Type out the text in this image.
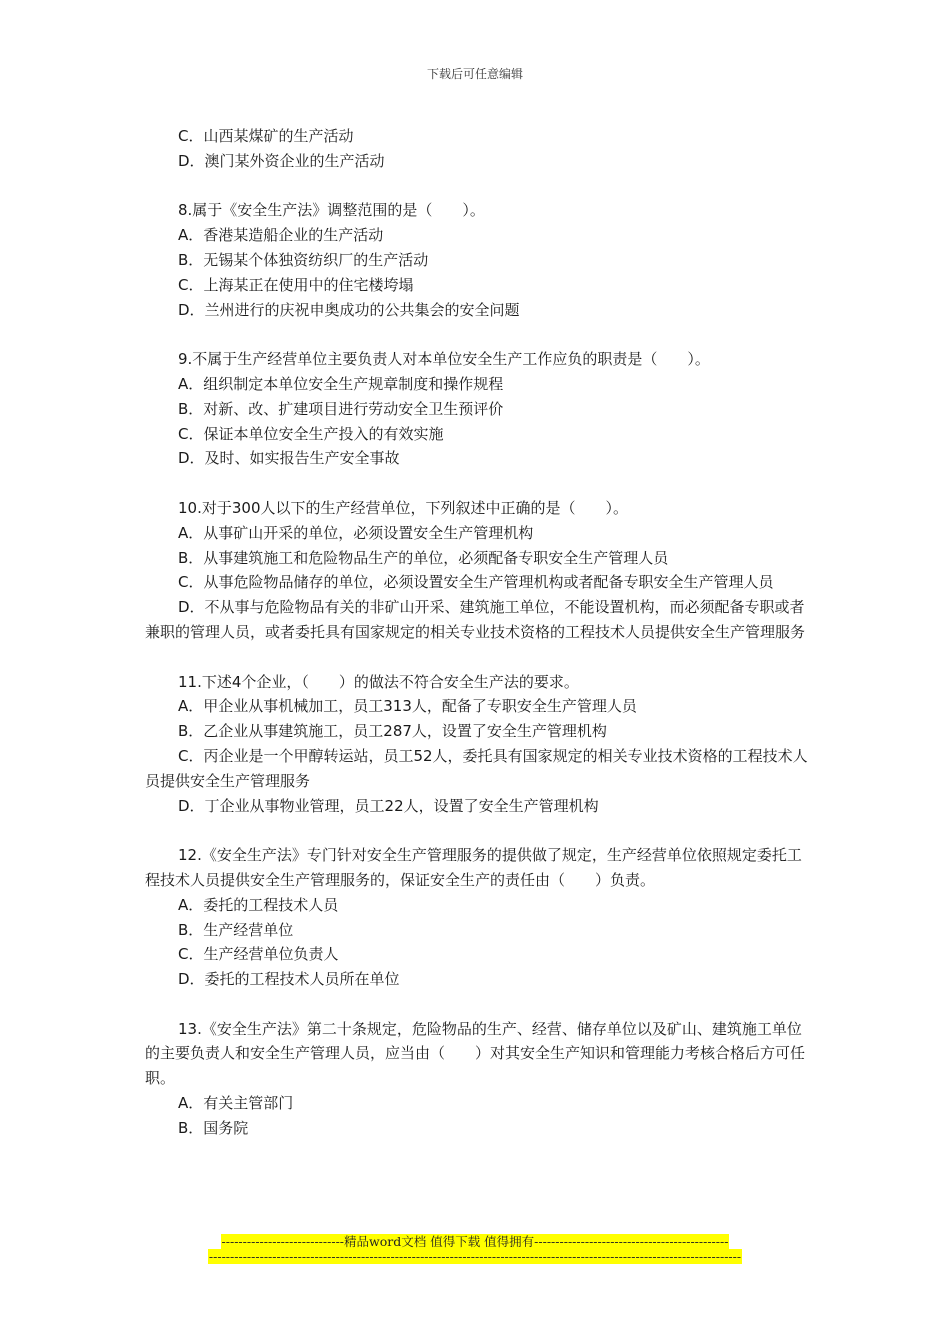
下载后可任意编辑
C．山西某煤矿的生产活动
D．澳门某外资企业的生产活动
8.属于《安全生产法》调整范围的是（　　）。
A．香港某造船企业的生产活动
B．无锡某个体独资纺织厂的生产活动
C．上海某正在使用中的住宅楼垮塌
D．兰州进行的庆祝申奥成功的公共集会的安全问题
9.不属于生产经营单位主要负责人对本单位安全生产工作应负的职责是（　　）。
A．组织制定本单位安全生产规章制度和操作规程
B．对新、改、扩建项目进行劳动安全卫生预评价
C．保证本单位安全生产投入的有效实施
D．及时、如实报告生产安全事故
10.对于300人以下的生产经营单位，下列叙述中正确的是（　　）。
A．从事矿山开采的单位，必须设置安全生产管理机构
B．从事建筑施工和危险物品生产的单位，必须配备专职安全生产管理人员
C．从事危险物品储存的单位，必须设置安全生产管理机构或者配备专职安全生产管理人员
D．不从事与危险物品有关的非矿山开采、建筑施工单位，不能设置机构，而必须配备专职或者兼职的管理人员，或者委托具有国家规定的相关专业技术资格的工程技术人员提供安全生产管理服务
11.下述4个企业，（　　）的做法不符合安全生产法的要求。
A．甲企业从事机械加工，员工313人，配备了专职安全生产管理人员
B．乙企业从事建筑施工，员工287人，设置了安全生产管理机构
C．丙企业是一个甲醇转运站，员工52人，委托具有国家规定的相关专业技术资格的工程技术人员提供安全生产管理服务
D．丁企业从事物业管理，员工22人，设置了安全生产管理机构
12.《安全生产法》专门针对安全生产管理服务的提供做了规定，生产经营单位依照规定委托工程技术人员提供安全生产管理服务的，保证安全生产的责任由（　　）负责。
A．委托的工程技术人员
B．生产经营单位
C．生产经营单位负责人
D．委托的工程技术人员所在单位
13.《安全生产法》第二十条规定，危险物品的生产、经营、储存单位以及矿山、建筑施工单位的主要负责人和安全生产管理人员，应当由（　　）对其安全生产知识和管理能力考核合格后方可任职。
A．有关主管部门
B．国务院
-----------------------------精品word文档 值得下载 值得拥有----------------------------------------------
------------------------------------------------------------------------------------------------------------------------------
